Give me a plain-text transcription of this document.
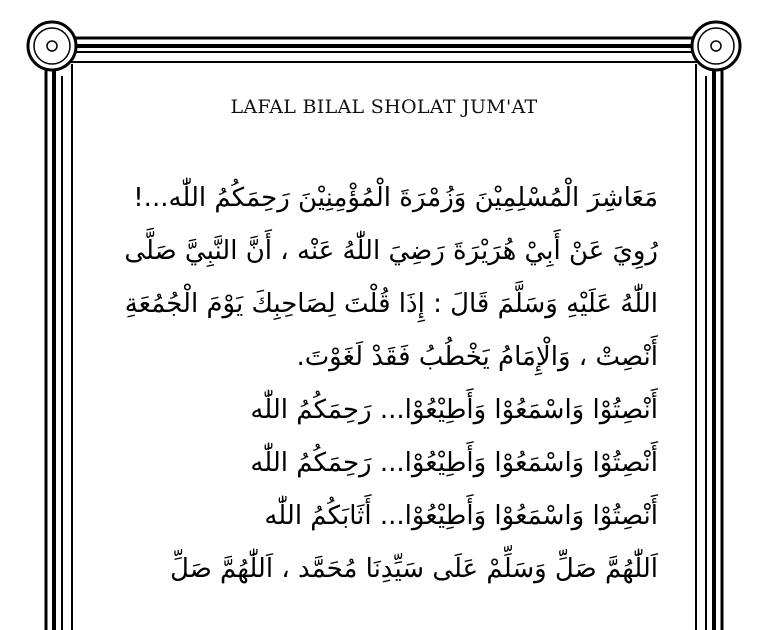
LAFAL BILAL SHOLAT JUM'AT
مَعَاشِرَ الْمُسْلِمِيْنَ وَزُمْرَةَ الْمُؤْمِنِيْنَ رَحِمَكُمُ اللّٰه...!
رُوِيَ عَنْ أَبِيْ هُرَيْرَةَ رَضِيَ اللّٰهُ عَنْه ، أَنَّ النَّبِيَّ صَلَّى
اللّٰهُ عَلَيْهِ وَسَلَّمَ قَالَ : إِذَا قُلْتَ لِصَاحِبِكَ يَوْمَ الْجُمُعَةِ
أَنْصِتْ ، وَالْإِمَامُ يَخْطُبُ فَقَدْ لَغَوْتَ.
أَنْصِتُوْا وَاسْمَعُوْا وَأَطِيْعُوْا... رَحِمَكُمُ اللّٰه
أَنْصِتُوْا وَاسْمَعُوْا وَأَطِيْعُوْا... رَحِمَكُمُ اللّٰه
أَنْصِتُوْا وَاسْمَعُوْا وَأَطِيْعُوْا... أَثَابَكُمُ اللّٰه
اَللّٰهُمَّ صَلِّ وَسَلِّمْ عَلَى سَيِّدِنَا مُحَمَّد ، اَللّٰهُمَّ صَلِّ
